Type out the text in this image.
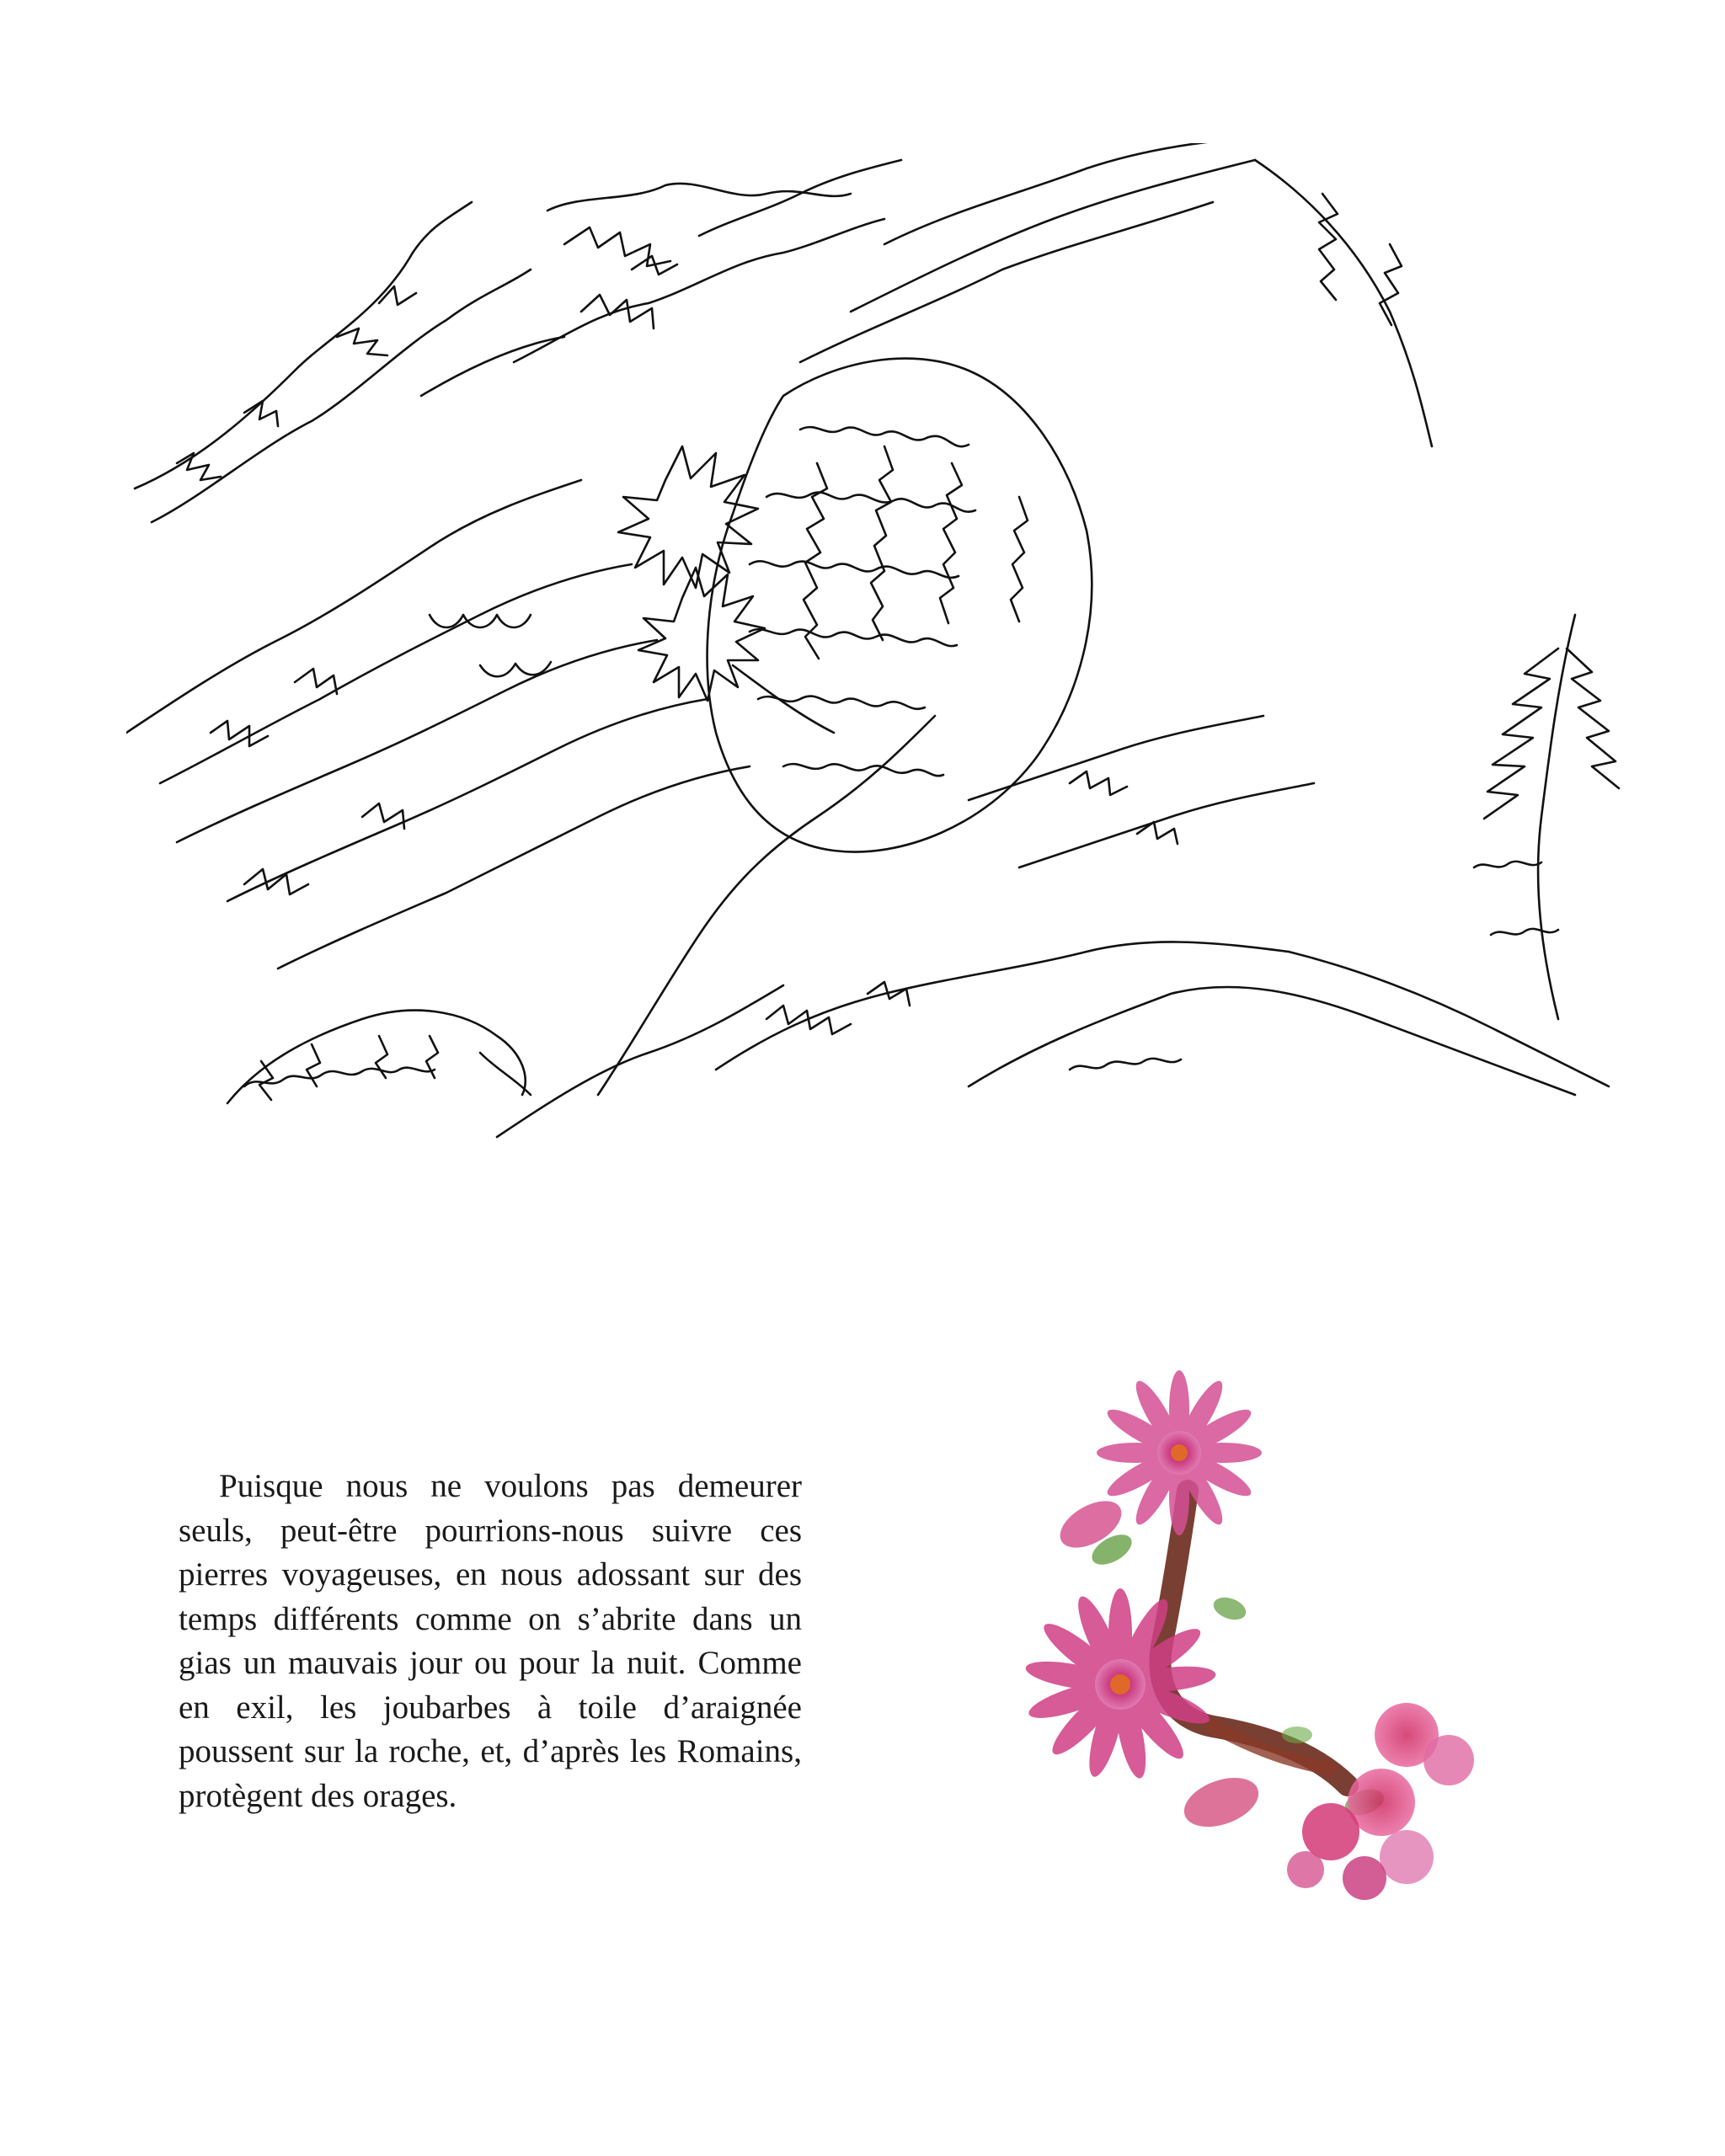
Puisque nous ne voulons pas demeurer seuls, peut-être pourrions-nous suivre ces pierres voyageuses, en nous adossant sur des temps différents comme on s’abrite dans un gias un mauvais jour ou pour la nuit. Comme en exil, les joubarbes à toile d’araignée poussent sur la roche, et, d’après les Romains, protègent des orages.
